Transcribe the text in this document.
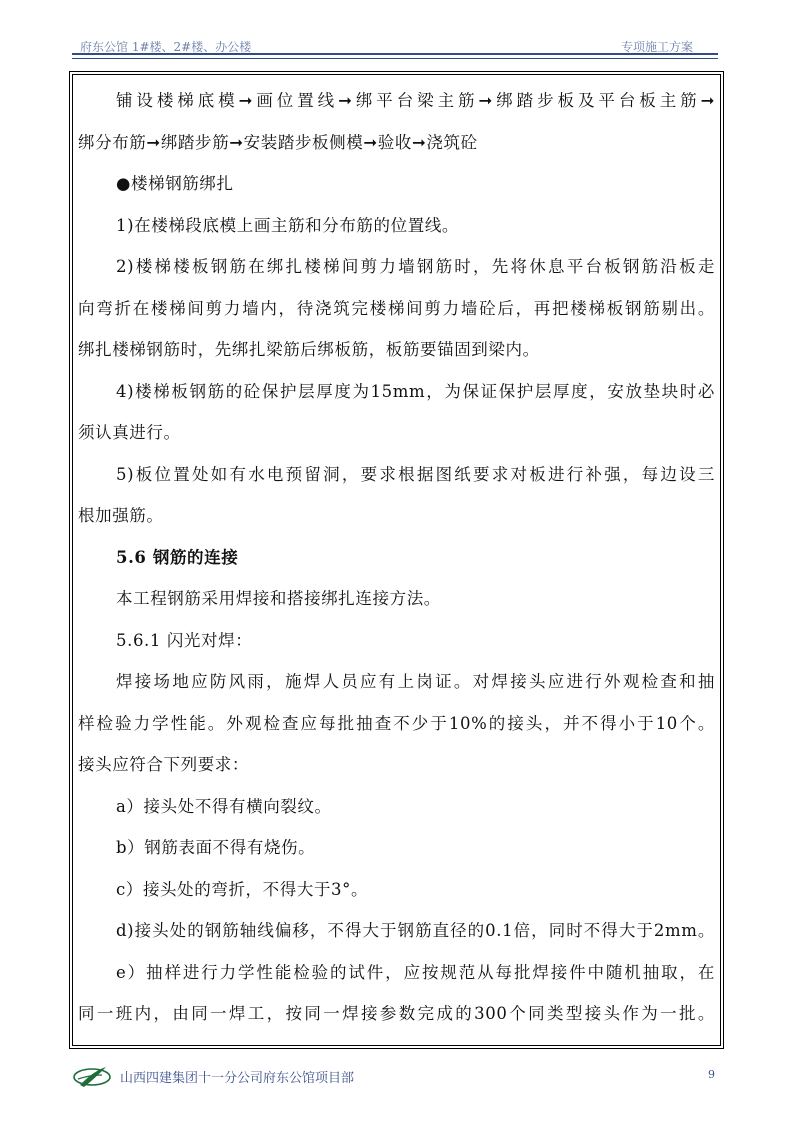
府东公馆 1#楼、2#楼、办公楼	专项施工方案
铺设楼梯底模➞画位置线➞绑平台梁主筋➞绑踏步板及平台板主筋➞
绑分布筋➞绑踏步筋➞安装踏步板侧模➞验收➞浇筑砼
●楼梯钢筋绑扎
1)在楼梯段底模上画主筋和分布筋的位置线。
2)楼梯楼板钢筋在绑扎楼梯间剪力墙钢筋时，先将休息平台板钢筋沿板走
向弯折在楼梯间剪力墙内，待浇筑完楼梯间剪力墙砼后，再把楼梯板钢筋剔出。
绑扎楼梯钢筋时，先绑扎梁筋后绑板筋，板筋要锚固到梁内。
4)楼梯板钢筋的砼保护层厚度为15mm，为保证保护层厚度，安放垫块时必
须认真进行。
5)板位置处如有水电预留洞，要求根据图纸要求对板进行补强，每边设三
根加强筋。
5.6 钢筋的连接
本工程钢筋采用焊接和搭接绑扎连接方法。
5.6.1 闪光对焊：
焊接场地应防风雨，施焊人员应有上岗证。对焊接头应进行外观检查和抽
样检验力学性能。外观检查应每批抽查不少于10%的接头，并不得小于10个。
接头应符合下列要求：
a）接头处不得有横向裂纹。
b）钢筋表面不得有烧伤。
c）接头处的弯折，不得大于3°。
d)接头处的钢筋轴线偏移，不得大于钢筋直径的0.1倍，同时不得大于2mm。
e）抽样进行力学性能检验的试件，应按规范从每批焊接件中随机抽取，在
同一班内，由同一焊工，按同一焊接参数完成的300个同类型接头作为一批。
山西四建集团十一分公司府东公馆项目部	9
